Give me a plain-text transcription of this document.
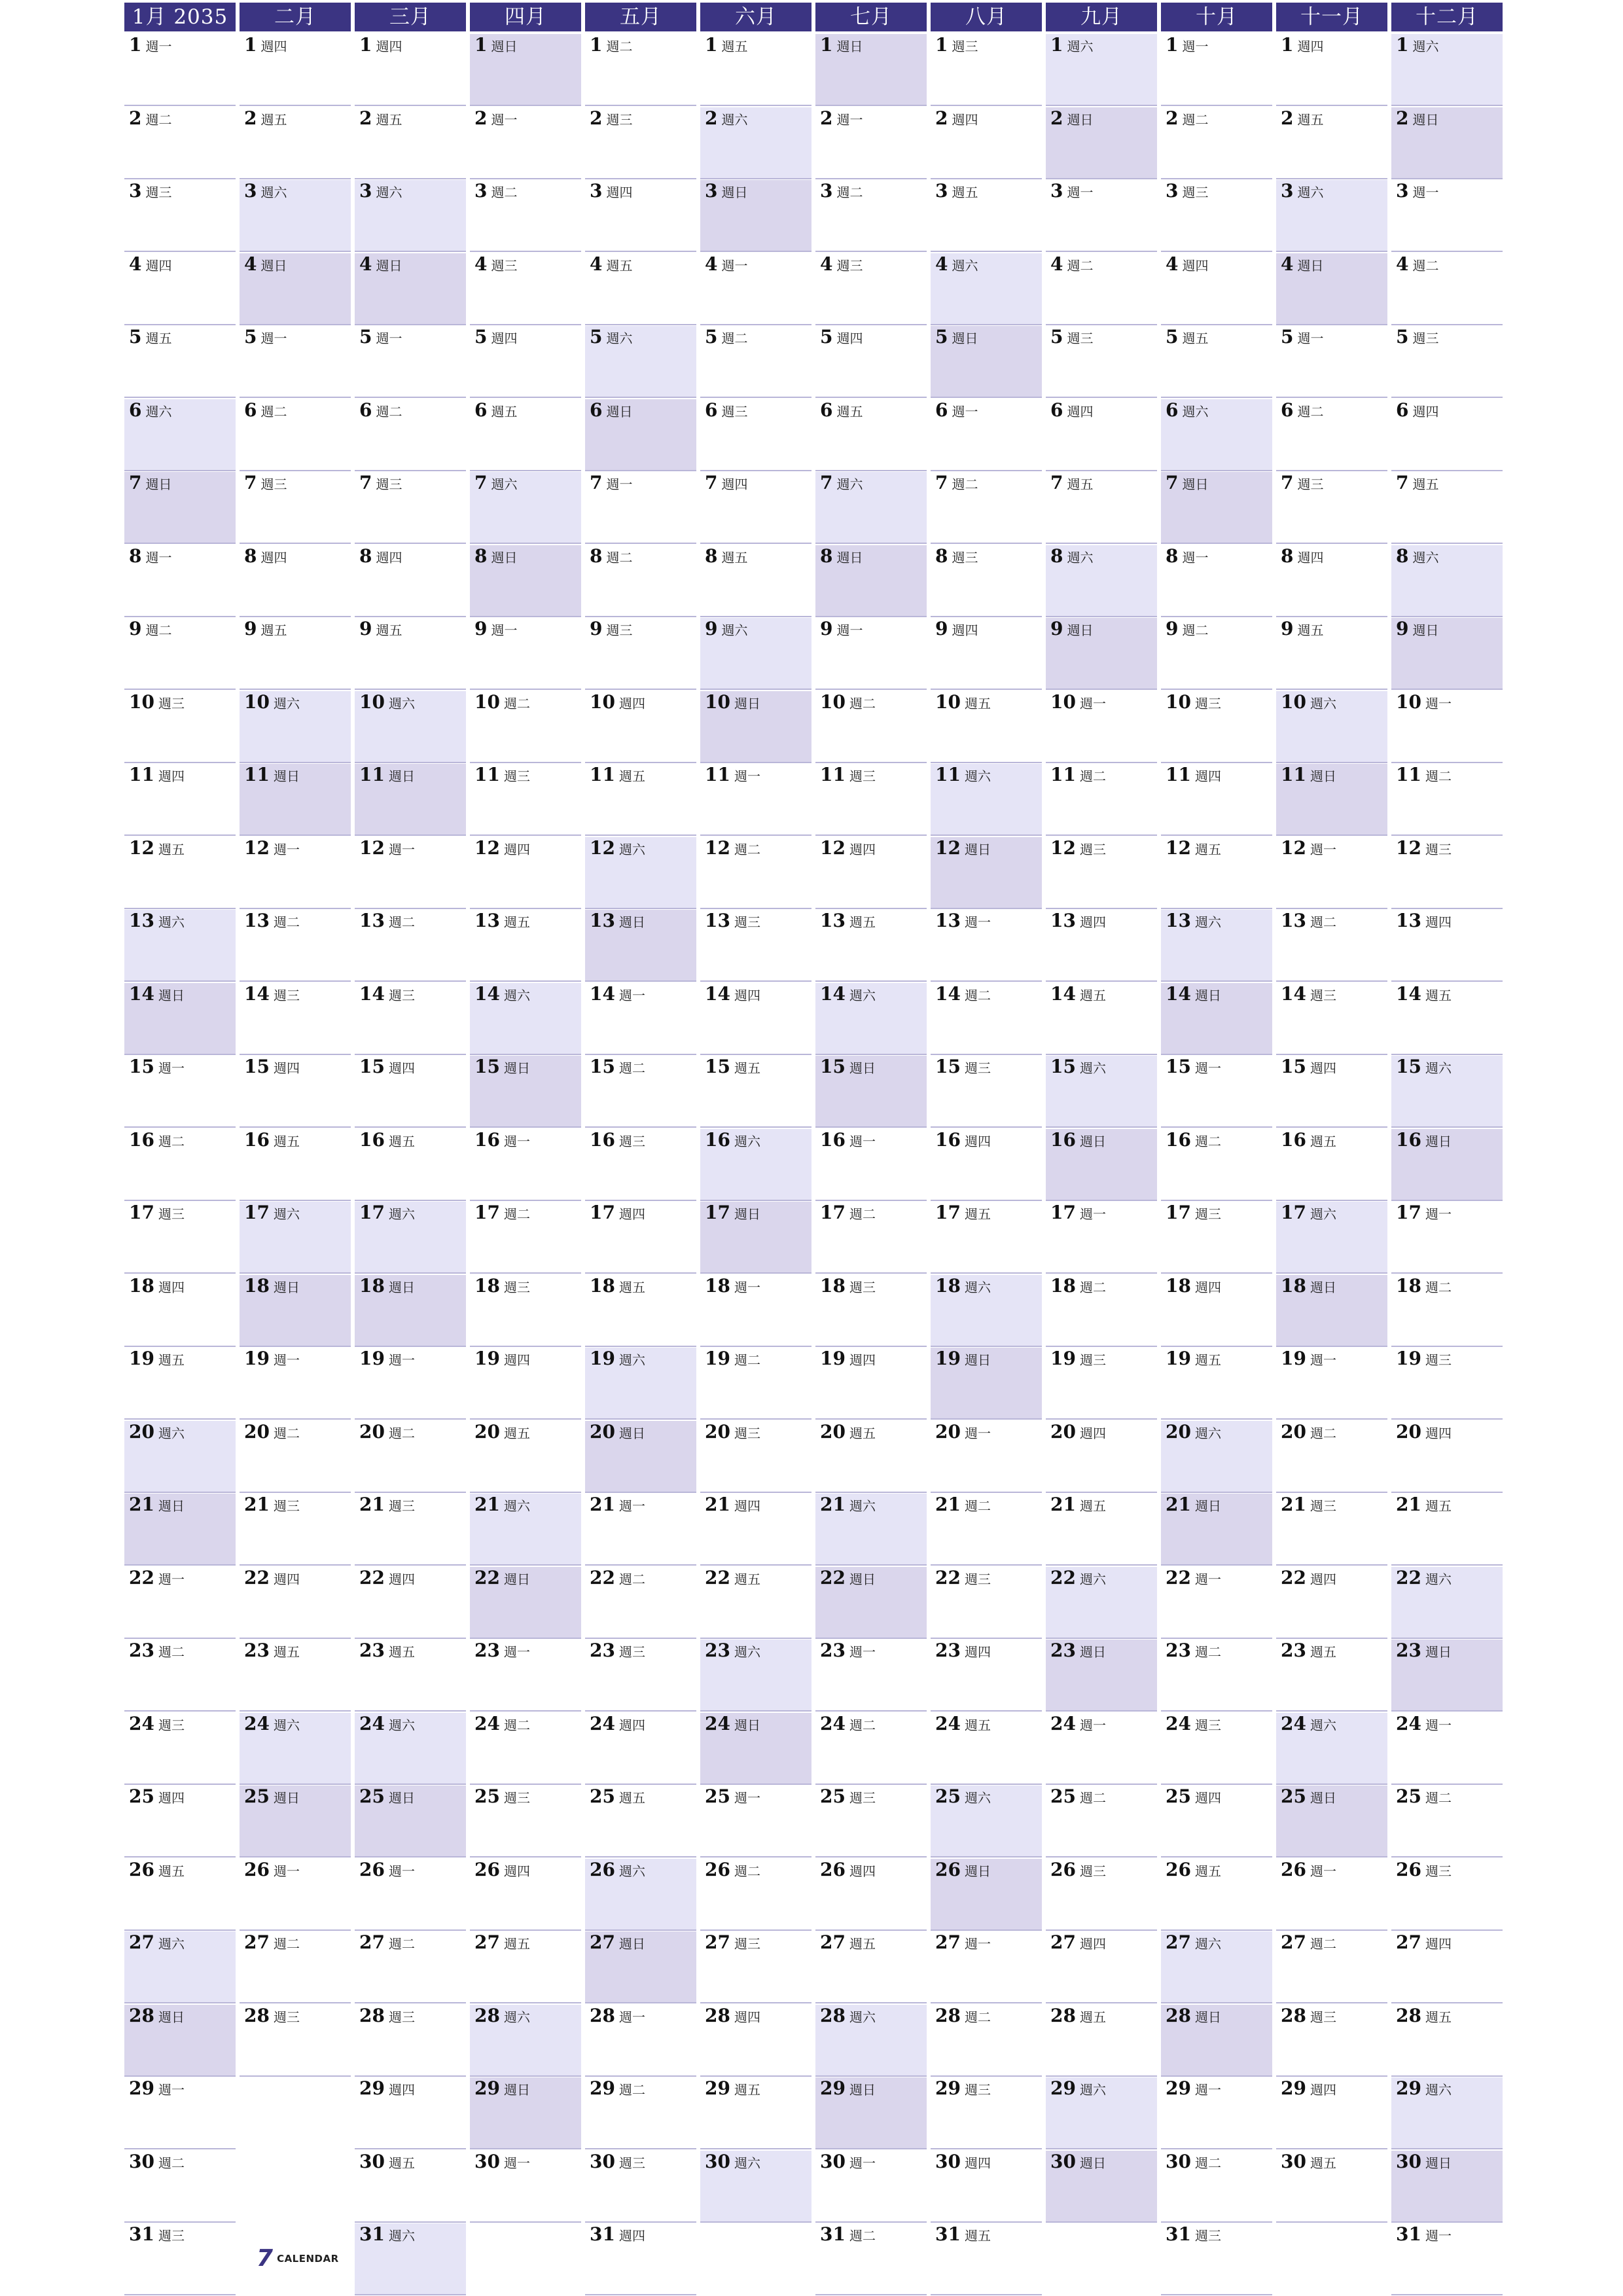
1月 2035
1 週一
2 週二
3 週三
4 週四
5 週五
6 週六
7 週日
8 週一
9 週二
10 週三
11 週四
12 週五
13 週六
14 週日
15 週一
16 週二
17 週三
18 週四
19 週五
20 週六
21 週日
22 週一
23 週二
24 週三
25 週四
26 週五
27 週六
28 週日
29 週一
30 週二
31 週三
二月
1 週四
2 週五
3 週六
4 週日
5 週一
6 週二
7 週三
8 週四
9 週五
10 週六
11 週日
12 週一
13 週二
14 週三
15 週四
16 週五
17 週六
18 週日
19 週一
20 週二
21 週三
22 週四
23 週五
24 週六
25 週日
26 週一
27 週二
28 週三
三月
1 週四
2 週五
3 週六
4 週日
5 週一
6 週二
7 週三
8 週四
9 週五
10 週六
11 週日
12 週一
13 週二
14 週三
15 週四
16 週五
17 週六
18 週日
19 週一
20 週二
21 週三
22 週四
23 週五
24 週六
25 週日
26 週一
27 週二
28 週三
29 週四
30 週五
31 週六
四月
1 週日
2 週一
3 週二
4 週三
5 週四
6 週五
7 週六
8 週日
9 週一
10 週二
11 週三
12 週四
13 週五
14 週六
15 週日
16 週一
17 週二
18 週三
19 週四
20 週五
21 週六
22 週日
23 週一
24 週二
25 週三
26 週四
27 週五
28 週六
29 週日
30 週一
五月
1 週二
2 週三
3 週四
4 週五
5 週六
6 週日
7 週一
8 週二
9 週三
10 週四
11 週五
12 週六
13 週日
14 週一
15 週二
16 週三
17 週四
18 週五
19 週六
20 週日
21 週一
22 週二
23 週三
24 週四
25 週五
26 週六
27 週日
28 週一
29 週二
30 週三
31 週四
六月
1 週五
2 週六
3 週日
4 週一
5 週二
6 週三
7 週四
8 週五
9 週六
10 週日
11 週一
12 週二
13 週三
14 週四
15 週五
16 週六
17 週日
18 週一
19 週二
20 週三
21 週四
22 週五
23 週六
24 週日
25 週一
26 週二
27 週三
28 週四
29 週五
30 週六
七月
1 週日
2 週一
3 週二
4 週三
5 週四
6 週五
7 週六
8 週日
9 週一
10 週二
11 週三
12 週四
13 週五
14 週六
15 週日
16 週一
17 週二
18 週三
19 週四
20 週五
21 週六
22 週日
23 週一
24 週二
25 週三
26 週四
27 週五
28 週六
29 週日
30 週一
31 週二
八月
1 週三
2 週四
3 週五
4 週六
5 週日
6 週一
7 週二
8 週三
9 週四
10 週五
11 週六
12 週日
13 週一
14 週二
15 週三
16 週四
17 週五
18 週六
19 週日
20 週一
21 週二
22 週三
23 週四
24 週五
25 週六
26 週日
27 週一
28 週二
29 週三
30 週四
31 週五
九月
1 週六
2 週日
3 週一
4 週二
5 週三
6 週四
7 週五
8 週六
9 週日
10 週一
11 週二
12 週三
13 週四
14 週五
15 週六
16 週日
17 週一
18 週二
19 週三
20 週四
21 週五
22 週六
23 週日
24 週一
25 週二
26 週三
27 週四
28 週五
29 週六
30 週日
十月
1 週一
2 週二
3 週三
4 週四
5 週五
6 週六
7 週日
8 週一
9 週二
10 週三
11 週四
12 週五
13 週六
14 週日
15 週一
16 週二
17 週三
18 週四
19 週五
20 週六
21 週日
22 週一
23 週二
24 週三
25 週四
26 週五
27 週六
28 週日
29 週一
30 週二
31 週三
十一月
1 週四
2 週五
3 週六
4 週日
5 週一
6 週二
7 週三
8 週四
9 週五
10 週六
11 週日
12 週一
13 週二
14 週三
15 週四
16 週五
17 週六
18 週日
19 週一
20 週二
21 週三
22 週四
23 週五
24 週六
25 週日
26 週一
27 週二
28 週三
29 週四
30 週五
十二月
1 週六
2 週日
3 週一
4 週二
5 週三
6 週四
7 週五
8 週六
9 週日
10 週一
11 週二
12 週三
13 週四
14 週五
15 週六
16 週日
17 週一
18 週二
19 週三
20 週四
21 週五
22 週六
23 週日
24 週一
25 週二
26 週三
27 週四
28 週五
29 週六
30 週日
31 週一
7 CALENDAR
